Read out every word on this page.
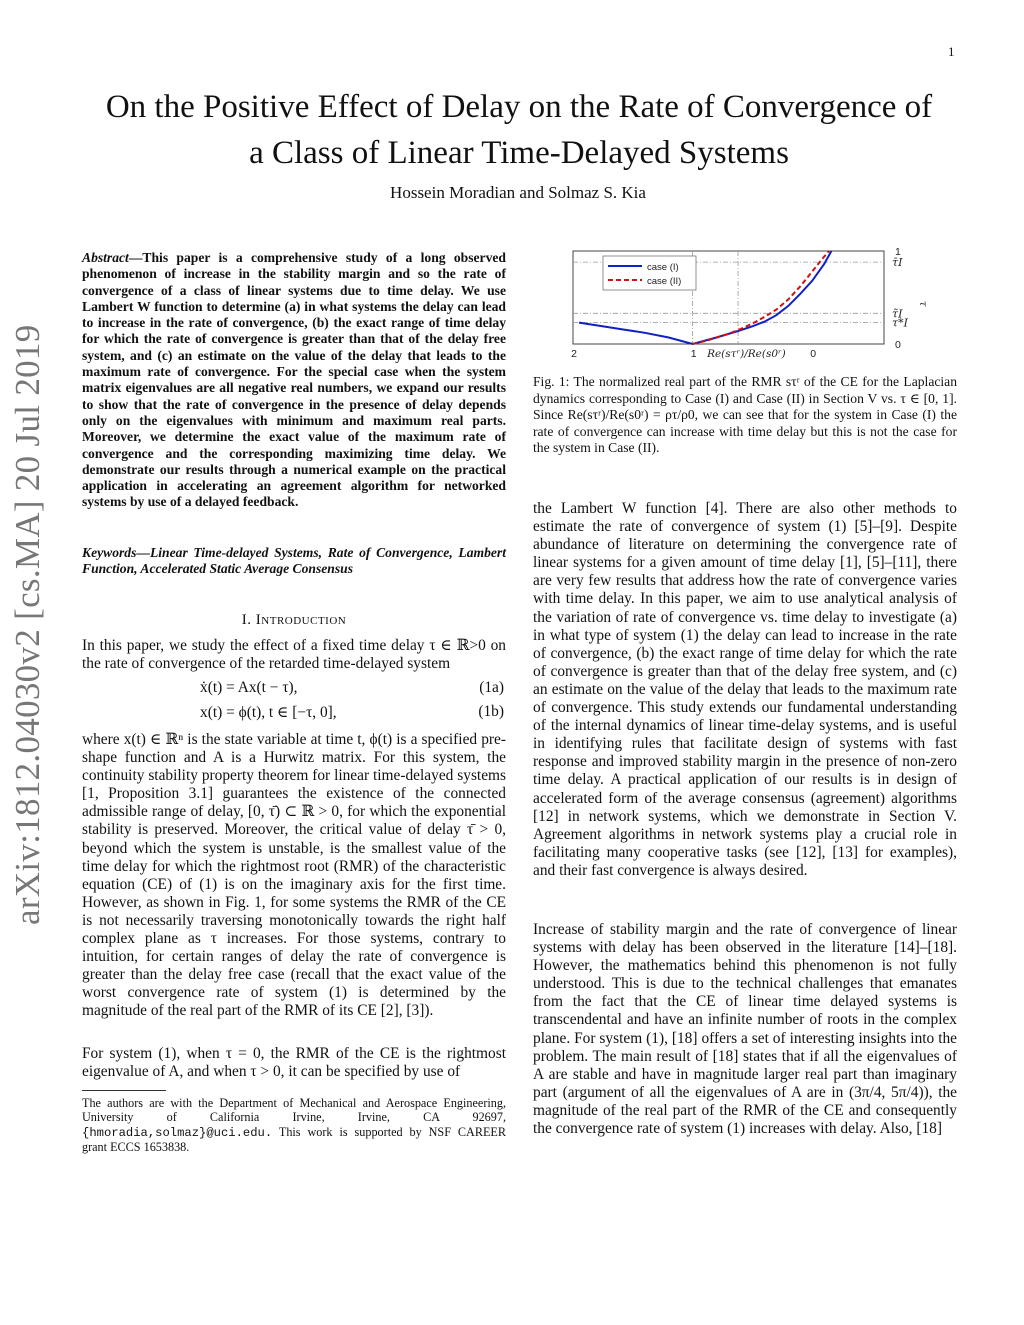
1
On the Positive Effect of Delay on the Rate of Convergence of
a Class of Linear Time-Delayed Systems
Hossein Moradian and Solmaz S. Kia
arXiv:1812.04030v2 [cs.MA] 20 Jul 2019
Abstract—This paper is a comprehensive study of a long observed phenomenon of increase in the stability margin and so the rate of convergence of a class of linear systems due to time delay. We use Lambert W function to determine (a) in what systems the delay can lead to increase in the rate of convergence, (b) the exact range of time delay for which the rate of convergence is greater than that of the delay free system, and (c) an estimate on the value of the delay that leads to the maximum rate of convergence. For the special case when the system matrix eigenvalues are all negative real numbers, we expand our results to show that the rate of convergence in the presence of delay depends only on the eigenvalues with minimum and maximum real parts. Moreover, we determine the exact value of the maximum rate of convergence and the corresponding maximizing time delay. We demonstrate our results through a numerical example on the practical application in accelerating an agreement algorithm for networked systems by use of a delayed feedback.
Keywords—Linear Time-delayed Systems, Rate of Convergence, Lambert Function, Accelerated Static Average Consensus
I. Introduction
In this paper, we study the effect of a fixed time delay τ ∈ ℝ>0 on the rate of convergence of the retarded time-delayed system
ẋ(t) = Ax(t − τ),	(1a)
x(t) = ϕ(t), t ∈ [−τ, 0],	(1b)
where x(t) ∈ ℝⁿ is the state variable at time t, ϕ(t) is a specified pre-shape function and A is a Hurwitz matrix. For this system, the continuity stability property theorem for linear time-delayed systems [1, Proposition 3.1] guarantees the existence of the connected admissible range of delay, [0, τ̄) ⊂ ℝ > 0, for which the exponential stability is preserved. Moreover, the critical value of delay τ̄ > 0, beyond which the system is unstable, is the smallest value of the time delay for which the rightmost root (RMR) of the characteristic equation (CE) of (1) is on the imaginary axis for the first time. However, as shown in Fig. 1, for some systems the RMR of the CE is not necessarily traversing monotonically towards the right half complex plane as τ increases. For those systems, contrary to intuition, for certain ranges of delay the rate of convergence is greater than the delay free case (recall that the exact value of the worst convergence rate of system (1) is determined by the magnitude of the real part of the RMR of its CE [2], [3]).
For system (1), when τ = 0, the RMR of the CE is the rightmost eigenvalue of A, and when τ > 0, it can be specified by use of
The authors are with the Department of Mechanical and Aerospace Engineering, University of California Irvine, Irvine, CA 92697, {hmoradia,solmaz}@uci.edu. This work is supported by NSF CAREER grant ECCS 1653838.
τ̄I
τ̃I
τ*I
case (I)
case (II)
2	1	0
0
1
Re(sτʳ)/Re(s0ʳ)
τ
Fig. 1: The normalized real part of the RMR sτʳ of the CE for the Laplacian dynamics corresponding to Case (I) and Case (II) in Section V vs. τ ∈ [0, 1]. Since Re(sτʳ)/Re(s0ʳ) = ρτ/ρ0, we can see that for the system in Case (I) the rate of convergence can increase with time delay but this is not the case for the system in Case (II).
the Lambert W function [4]. There are also other methods to estimate the rate of convergence of system (1) [5]–[9]. Despite abundance of literature on determining the convergence rate of linear systems for a given amount of time delay [1], [5]–[11], there are very few results that address how the rate of convergence varies with time delay. In this paper, we aim to use analytical analysis of the variation of rate of convergence vs. time delay to investigate (a) in what type of system (1) the delay can lead to increase in the rate of convergence, (b) the exact range of time delay for which the rate of convergence is greater than that of the delay free system, and (c) an estimate on the value of the delay that leads to the maximum rate of convergence. This study extends our fundamental understanding of the internal dynamics of linear time-delay systems, and is useful in identifying rules that facilitate design of systems with fast response and improved stability margin in the presence of non-zero time delay. A practical application of our results is in design of accelerated form of the average consensus (agreement) algorithms [12] in network systems, which we demonstrate in Section V. Agreement algorithms in network systems play a crucial role in facilitating many cooperative tasks (see [12], [13] for examples), and their fast convergence is always desired.
Increase of stability margin and the rate of convergence of linear systems with delay has been observed in the literature [14]–[18]. However, the mathematics behind this phenomenon is not fully understood. This is due to the technical challenges that emanates from the fact that the CE of linear time delayed systems is transcendental and have an infinite number of roots in the complex plane. For system (1), [18] offers a set of interesting insights into the problem. The main result of [18] states that if all the eigenvalues of A are stable and have in magnitude larger real part than imaginary part (argument of all the eigenvalues of A are in (3π/4, 5π/4)), the magnitude of the real part of the RMR of the CE and consequently the convergence rate of system (1) increases with delay. Also, [18]
